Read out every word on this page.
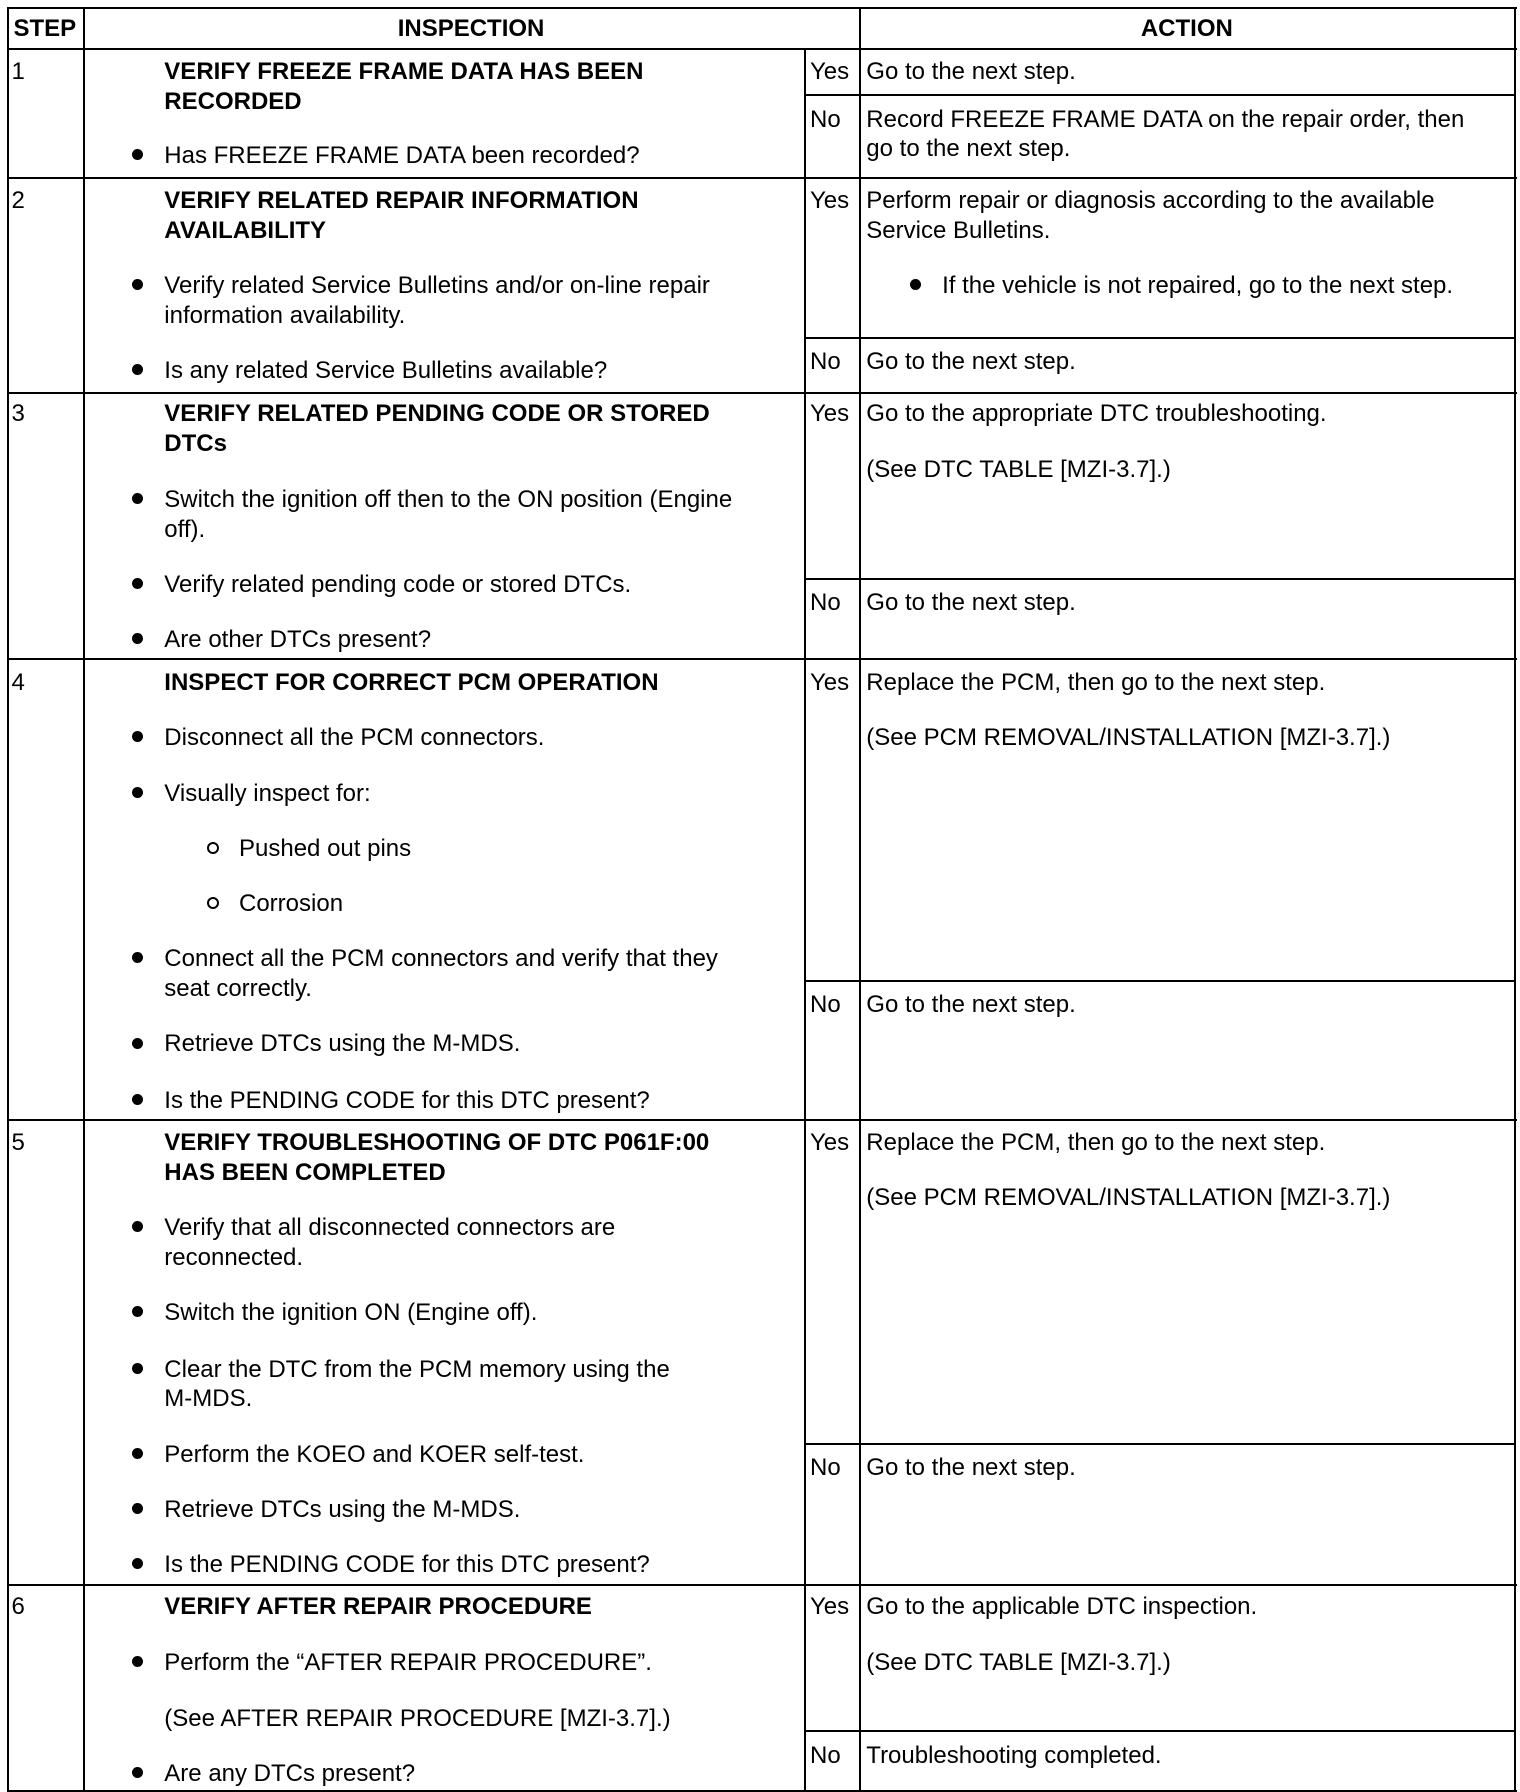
STEP	INSPECTION	ACTION
1	VERIFY FREEZE FRAME DATA HAS BEEN
RECORDED
Has FREEZE FRAME DATA been recorded?
Yes Go to the next step.
No Record FREEZE FRAME DATA on the repair order, then
go to the next step.
2	VERIFY RELATED REPAIR INFORMATION
AVAILABILITY
Verify related Service Bulletins and/or on-line repair
information availability.
Is any related Service Bulletins available?
Yes Perform repair or diagnosis according to the available
Service Bulletins.
If the vehicle is not repaired, go to the next step.
No Go to the next step.
3	VERIFY RELATED PENDING CODE OR STORED
DTCs
Switch the ignition off then to the ON position (Engine
off).
Verify related pending code or stored DTCs.
Are other DTCs present?
Yes Go to the appropriate DTC troubleshooting.
(See DTC TABLE [MZI-3.7].)
No Go to the next step.
4	INSPECT FOR CORRECT PCM OPERATION
Disconnect all the PCM connectors.
Visually inspect for:
Pushed out pins
Corrosion
Connect all the PCM connectors and verify that they
seat correctly.
Retrieve DTCs using the M-MDS.
Is the PENDING CODE for this DTC present?
Yes Replace the PCM, then go to the next step.
(See PCM REMOVAL/INSTALLATION [MZI-3.7].)
No Go to the next step.
5	VERIFY TROUBLESHOOTING OF DTC P061F:00
HAS BEEN COMPLETED
Verify that all disconnected connectors are
reconnected.
Switch the ignition ON (Engine off).
Clear the DTC from the PCM memory using the
M-MDS.
Perform the KOEO and KOER self-test.
Retrieve DTCs using the M-MDS.
Is the PENDING CODE for this DTC present?
Yes Replace the PCM, then go to the next step.
(See PCM REMOVAL/INSTALLATION [MZI-3.7].)
No Go to the next step.
6	VERIFY AFTER REPAIR PROCEDURE
Perform the “AFTER REPAIR PROCEDURE”.
(See AFTER REPAIR PROCEDURE [MZI-3.7].)
Are any DTCs present?
Yes Go to the applicable DTC inspection.
(See DTC TABLE [MZI-3.7].)
No Troubleshooting completed.
